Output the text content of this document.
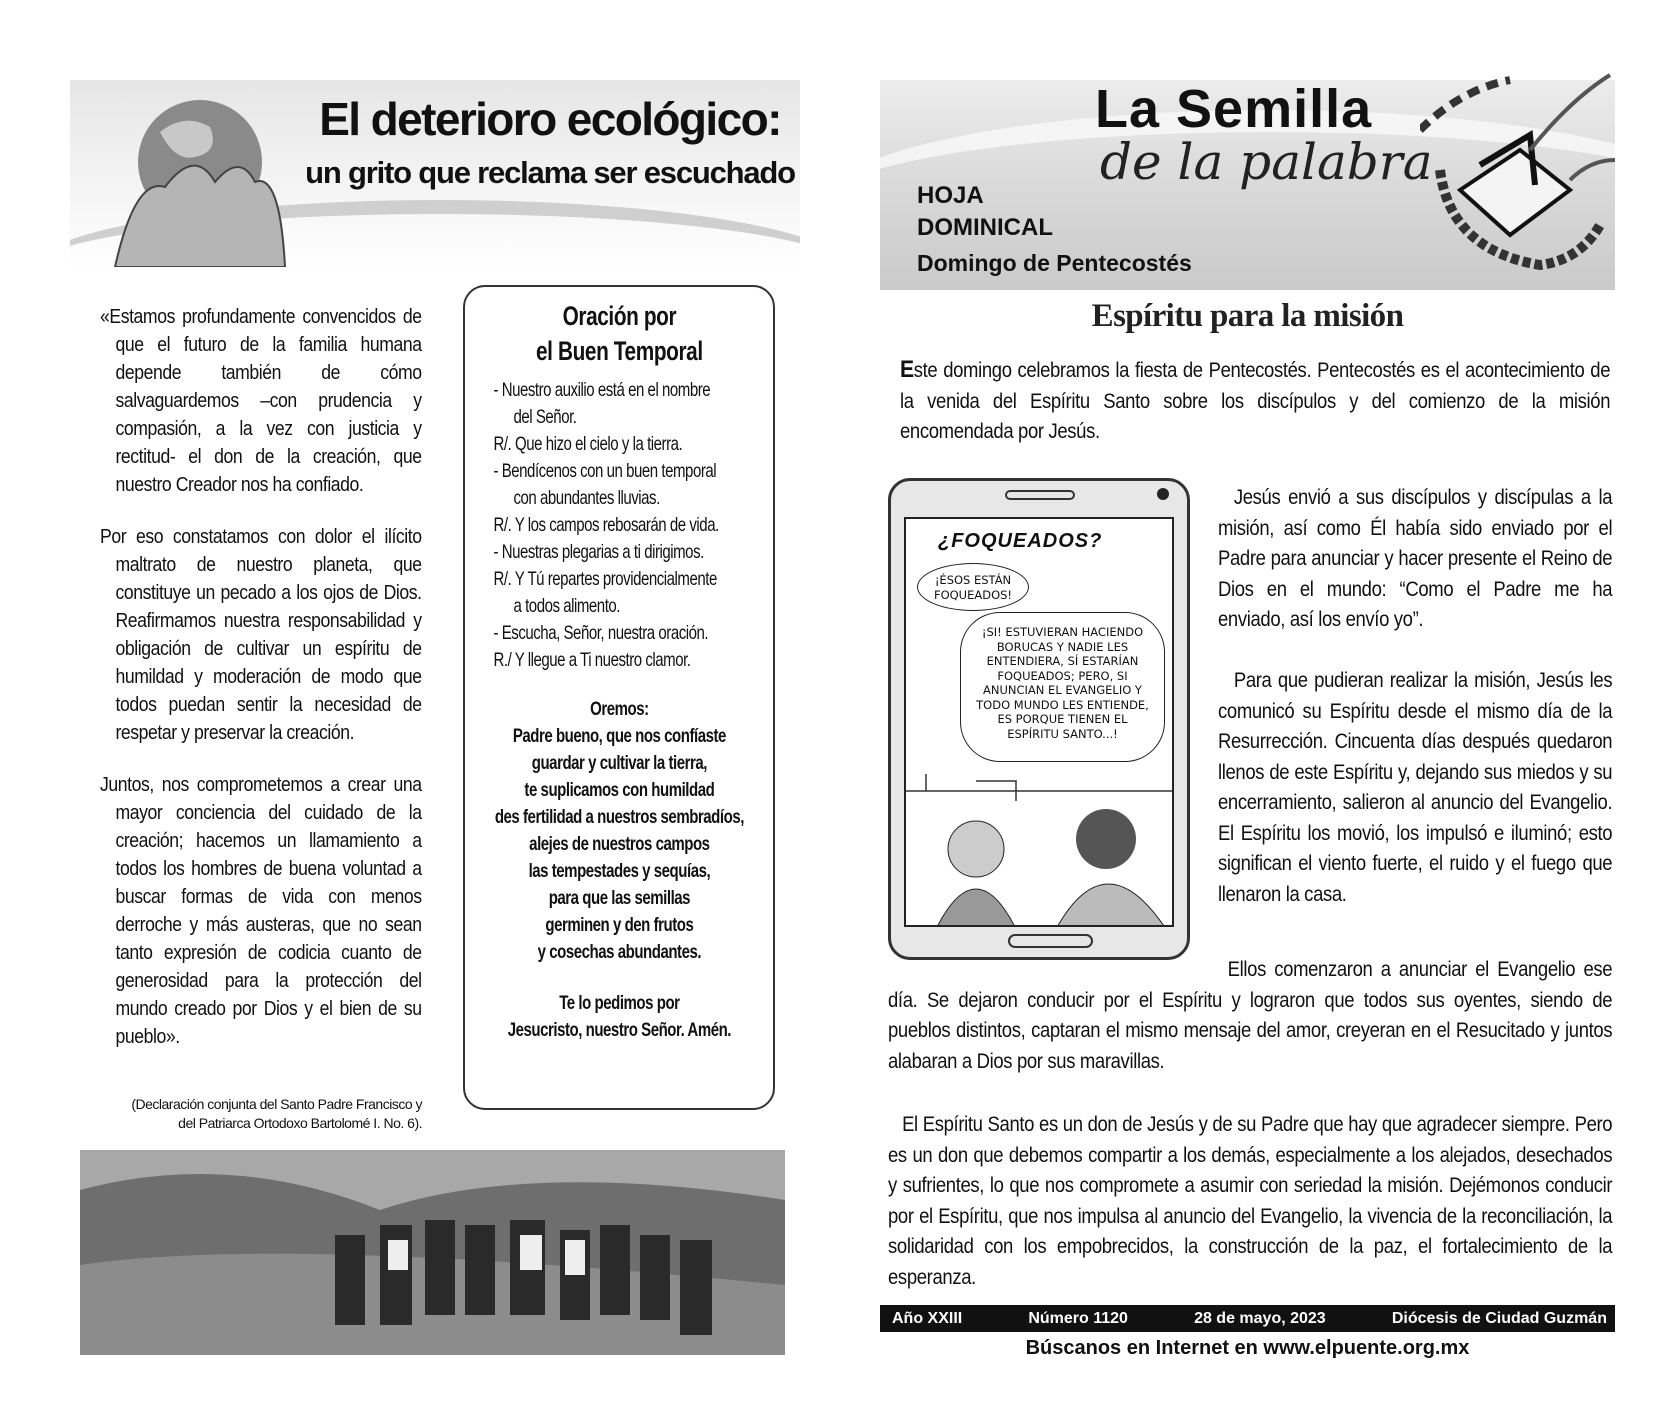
El deterioro ecológico:
un grito que reclama ser escuchado

«Estamos profundamente convencidos de que el futuro de la familia humana depende también de cómo salvaguardemos –con prudencia y compasión, a la vez con justicia y rectitud- el don de la creación, que nuestro Creador nos ha confiado.

Por eso constatamos con dolor el ilícito maltrato de nuestro planeta, que constituye un pecado a los ojos de Dios. Reafirmamos nuestra responsabilidad y obligación de cultivar un espíritu de humildad y moderación de modo que todos puedan sentir la necesidad de respetar y preservar la creación.

Juntos, nos comprometemos a crear una mayor conciencia del cuidado de la creación; hacemos un llamamiento a todos los hombres de buena voluntad a buscar formas de vida con menos derroche y más austeras, que no sean tanto expresión de codicia cuanto de generosidad para la protección del mundo creado por Dios y el bien de su pueblo».

(Declaración conjunta del Santo Padre Francisco y del Patriarca Ortodoxo Bartolomé I. No. 6).
Oración por
el Buen Temporal
- Nuestro auxilio está en el nombre
del Señor.
R/. Que hizo el cielo y la tierra.
- Bendícenos con un buen temporal
con abundantes lluvias.
R/. Y los campos rebosarán de vida.
- Nuestras plegarias a ti dirigimos.
R/. Y Tú repartes providencialmente
a todos alimento.
- Escucha, Señor, nuestra oración.
R./ Y llegue a Ti nuestro clamor.
Oremos:
Padre bueno, que nos confíaste
guardar y cultivar la tierra,
te suplicamos con humildad
des fertilidad a nuestros sembradíos,
alejes de nuestros campos
las tempestades y sequías,
para que las semillas
germinen y den frutos
y cosechas abundantes.
Te lo pedimos por
Jesucristo, nuestro Señor. Amén.
La Semilla
de la palabra
HOJA
DOMINICAL
Domingo de Pentecostés
Espíritu para la misión
Este domingo celebramos la fiesta de Pentecostés. Pentecostés es el acontecimiento de la venida del Espíritu Santo sobre los discípulos y del comienzo de la misión encomendada por Jesús.
¿FOQUEADOS?
¡ÉSOS ESTÁN FOQUEADOS!
¡SI! ESTUVIERAN HACIENDO BORUCAS Y NADIE LES ENTENDIERA, SÍ ESTARÍAN FOQUEADOS; PERO, SI ANUNCIAN EL EVANGELIO Y TODO MUNDO LES ENTIENDE, ES PORQUE TIENEN EL ESPÍRITU SANTO...!

Jesús envió a sus discípulos y discípulas a la misión, así como Él había sido enviado por el Padre para anunciar y hacer presente el Reino de Dios en el mundo: “Como el Padre me ha enviado, así los envío yo”.

Para que pudieran realizar la misión, Jesús les comunicó su Espíritu desde el mismo día de la Resurrección. Cincuenta días después quedaron llenos de este Espíritu y, dejando sus miedos y su encerramiento, salieron al anuncio del Evangelio. El Espíritu los movió, los impulsó e iluminó; esto significan el viento fuerte, el ruido y el fuego que llenaron la casa.

Ellos comenzaron a anunciar el Evangelio ese día. Se dejaron conducir por el Espíritu y lograron que todos sus oyentes, siendo de pueblos distintos, captaran el mismo mensaje del amor, creyeran en el Resucitado y juntos alabaran a Dios por sus maravillas.
El Espíritu Santo es un don de Jesús y de su Padre que hay que agradecer siempre. Pero es un don que debemos compartir a los demás, especialmente a los alejados, desechados y sufrientes, lo que nos compromete a asumir con seriedad la misión. Dejémonos conducir por el Espíritu, que nos impulsa al anuncio del Evangelio, la vivencia de la reconciliación, la solidaridad con los empobrecidos, la construcción de la paz, el fortalecimiento de la esperanza.
Año XXIII	Número 1120	28 de mayo, 2023	Diócesis de Ciudad Guzmán
Búscanos en Internet en www.elpuente.org.mx
